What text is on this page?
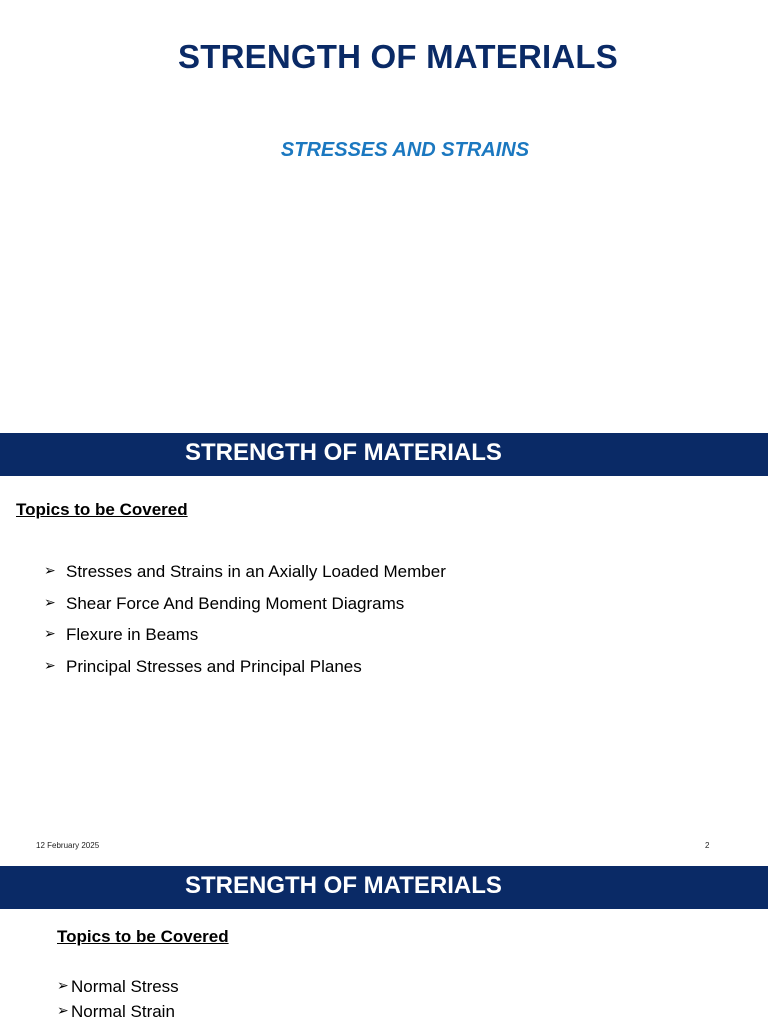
STRENGTH OF MATERIALS
STRESSES AND STRAINS
STRENGTH OF MATERIALS
Topics to be Covered
➢ Stresses and Strains in an Axially Loaded Member
➢ Shear Force And Bending Moment Diagrams
➢ Flexure in Beams
➢ Principal Stresses and Principal Planes
12 February 2025	2
STRENGTH OF MATERIALS
Topics to be Covered
➢ Normal Stress
➢ Normal Strain
